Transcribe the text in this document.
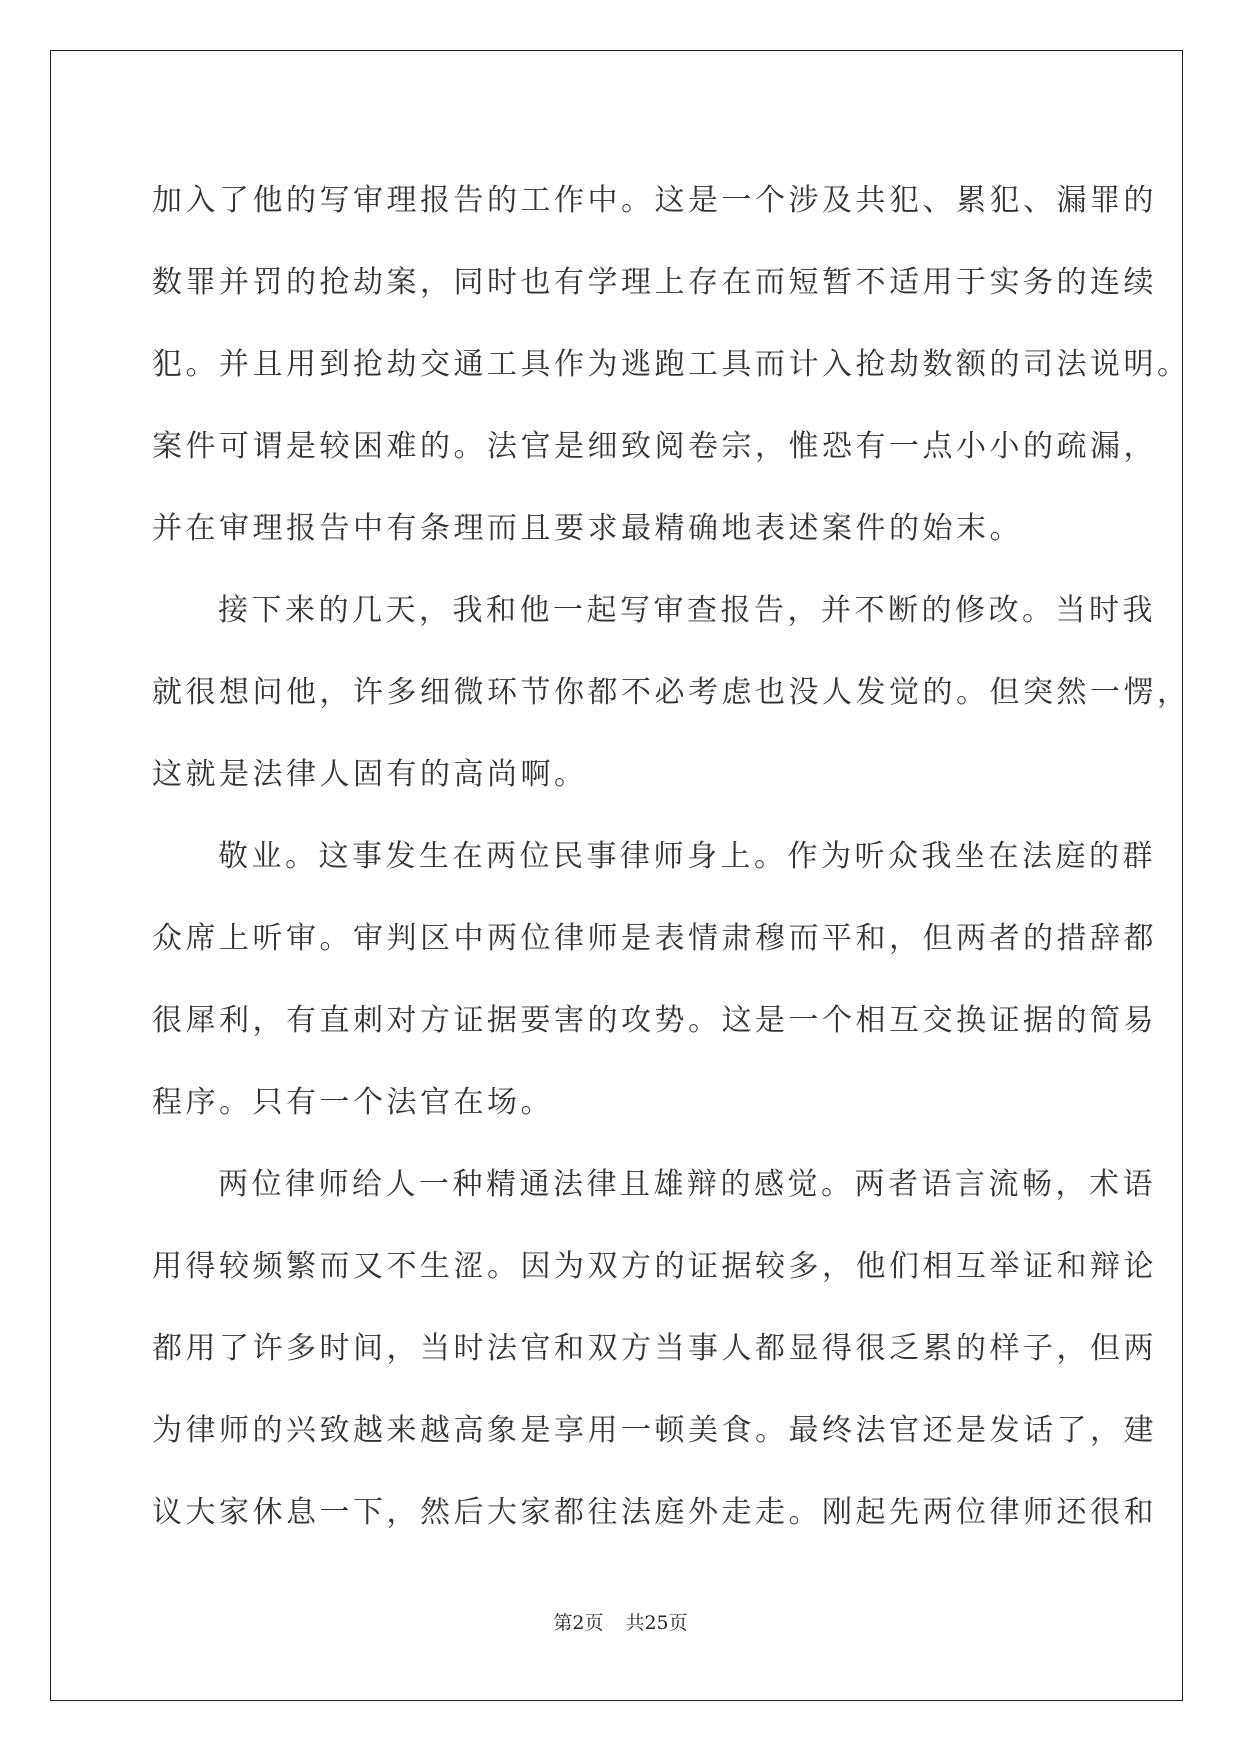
加入了他的写审理报告的工作中。这是一个涉及共犯、累犯、漏罪的
数罪并罚的抢劫案，同时也有学理上存在而短暂不适用于实务的连续
犯。并且用到抢劫交通工具作为逃跑工具而计入抢劫数额的司法说明。
案件可谓是较困难的。法官是细致阅卷宗，惟恐有一点小小的疏漏，
并在审理报告中有条理而且要求最精确地表述案件的始末。
接下来的几天，我和他一起写审查报告，并不断的修改。当时我
就很想问他，许多细微环节你都不必考虑也没人发觉的。但突然一愣，
这就是法律人固有的高尚啊。
敬业。这事发生在两位民事律师身上。作为听众我坐在法庭的群
众席上听审。审判区中两位律师是表情肃穆而平和，但两者的措辞都
很犀利，有直刺对方证据要害的攻势。这是一个相互交换证据的简易
程序。只有一个法官在场。
两位律师给人一种精通法律且雄辩的感觉。两者语言流畅，术语
用得较频繁而又不生涩。因为双方的证据较多，他们相互举证和辩论
都用了许多时间，当时法官和双方当事人都显得很乏累的样子，但两
为律师的兴致越来越高象是享用一顿美食。最终法官还是发话了，建
议大家休息一下，然后大家都往法庭外走走。刚起先两位律师还很和
第2页 共25页
